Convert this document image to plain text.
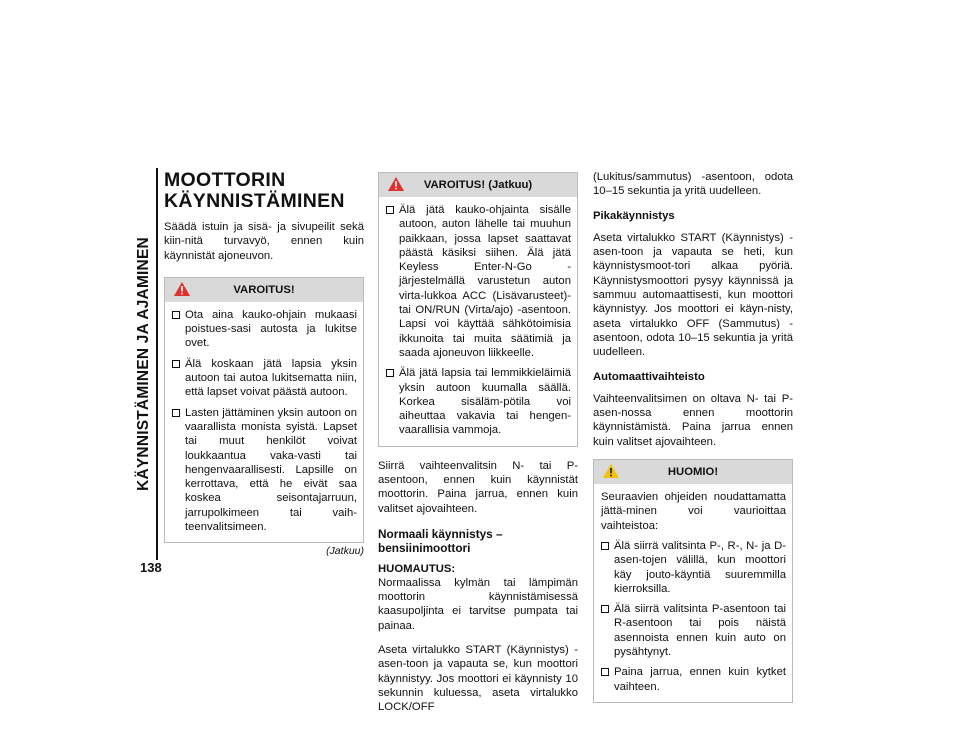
KÄYNNISTÄMINEN JA AJAMINEN
138
MOOTTORIN
KÄYNNISTÄMINEN

Säädä istuin ja sisä- ja sivupeilit sekä kiin-nitä turvavyö, ennen kuin käynnistät ajoneuvon.

VAROITUS!
Ota aina kauko-ohjain mukaasi poistues-sasi autosta ja lukitse ovet.
Älä koskaan jätä lapsia yksin autoon tai autoa lukitsematta niin, että lapset voivat päästä autoon.
Lasten jättäminen yksin autoon on vaarallista monista syistä. Lapset tai muut henkilöt voivat loukkaantua vaka-vasti tai hengenvaarallisesti. Lapsille on kerrottava, että he eivät saa koskea seisontajarruun, jarrupolkimeen tai vaih-teenvalitsimeen.
(Jatkuu)
VAROITUS! (Jatkuu)
Älä jätä kauko-ohjainta sisälle autoon, auton lähelle tai muuhun paikkaan, jossa lapset saattavat päästä käsiksi siihen. Älä jätä Keyless Enter-N-Go -järjestelmällä varustetun auton virta-lukkoa ACC (Lisävarusteet)- tai ON/RUN (Virta/ajo) -asentoon. Lapsi voi käyttää sähkötoimisia ikkunoita tai muita säätimiä ja saada ajoneuvon liikkeelle.
Älä jätä lapsia tai lemmikkieläimiä yksin autoon kuumalla säällä. Korkea sisäläm-pötila voi aiheuttaa vakavia tai hengen-vaarallisia vammoja.

Siirrä vaihteenvalitsin N- tai P-asentoon, ennen kuin käynnistät moottorin. Paina jarrua, ennen kuin valitset ajovaihteen.

Normaali käynnistys – bensiinimoottori
HUOMAUTUS:

Normaalissa kylmän tai lämpimän moottorin käynnistämisessä kaasupoljinta ei tarvitse pumpata tai painaa.

Aseta virtalukko START (Käynnistys) -asen-toon ja vapauta se, kun moottori käynnistyy. Jos moottori ei käynnisty 10 sekunnin kuluessa, aseta virtalukko LOCK/OFF

(Lukitus/sammutus) -asentoon, odota 10–15 sekuntia ja yritä uudelleen.

Pikakäynnistys

Aseta virtalukko START (Käynnistys) -asen-toon ja vapauta se heti, kun käynnistysmoot-tori alkaa pyöriä. Käynnistysmoottori pysyy käynnissä ja sammuu automaattisesti, kun moottori käynnistyy. Jos moottori ei käyn-nisty, aseta virtalukko OFF (Sammutus) -asentoon, odota 10–15 sekuntia ja yritä uudelleen.

Automaattivaihteisto

Vaihteenvalitsimen on oltava N- tai P-asen-nossa ennen moottorin käynnistämistä. Paina jarrua ennen kuin valitset ajovaihteen.

HUOMIO!

Seuraavien ohjeiden noudattamatta jättä-minen voi vaurioittaa vaihteistoa:

Älä siirrä valitsinta P-, R-, N- ja D-asen-tojen välillä, kun moottori käy jouto-käyntiä suuremmilla kierroksilla.
Älä siirrä valitsinta P-asentoon tai R-asentoon tai pois näistä asennoista ennen kuin auto on pysähtynyt.
Paina jarrua, ennen kuin kytket vaihteen.
